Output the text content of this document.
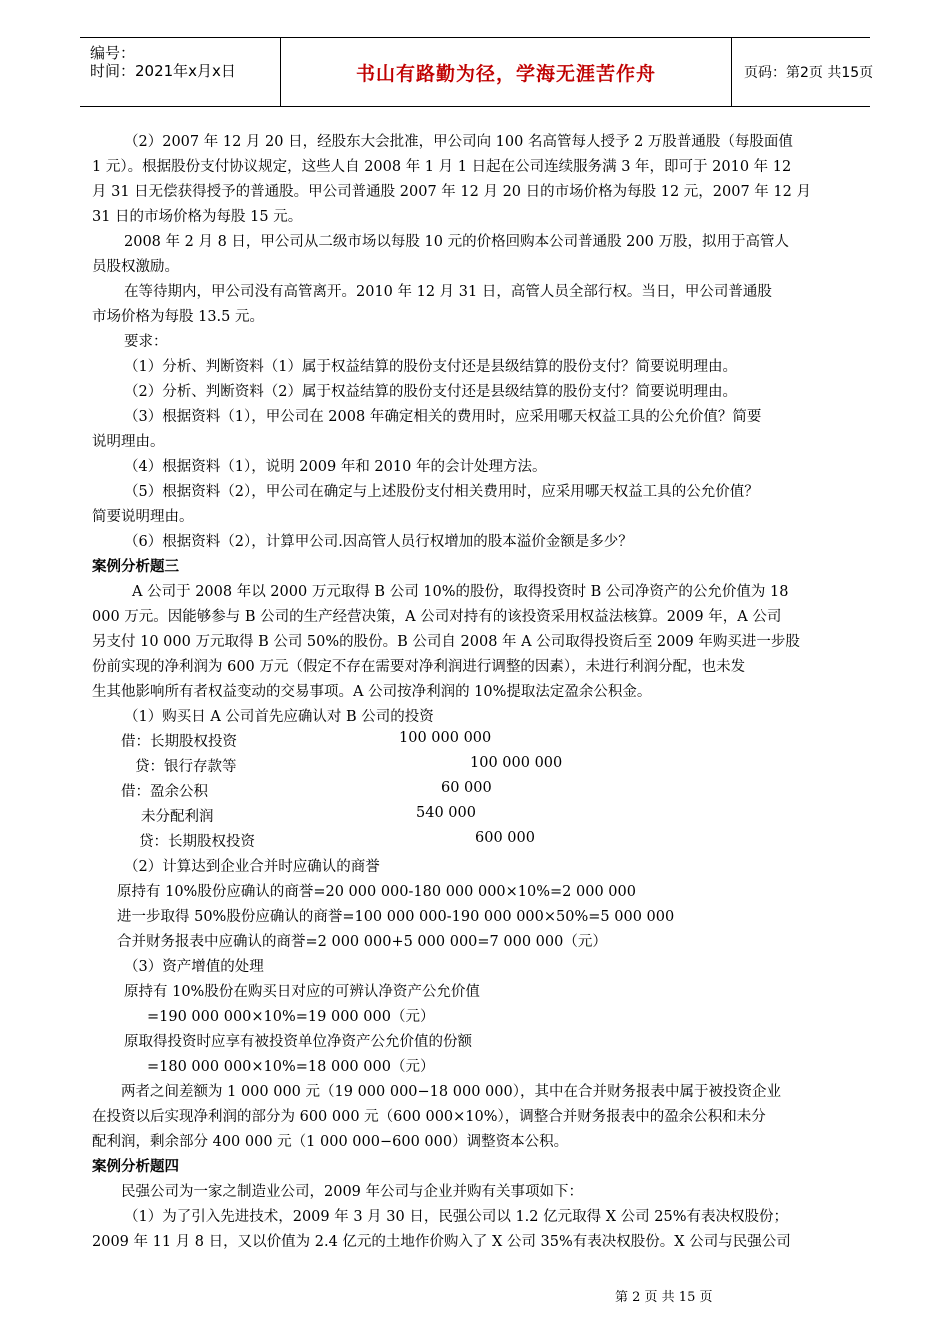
编号：
时间：2021年x月x日	书山有路勤为径，学海无涯苦作舟	页码：第2页 共15页
（2）2007 年 12 月 20 日，经股东大会批准，甲公司向 100 名高管每人授予 2 万股普通股（每股面值
1 元）。根据股份支付协议规定，这些人自 2008 年 1 月 1 日起在公司连续服务满 3 年，即可于 2010 年 12
月 31 日无偿获得授予的普通股。甲公司普通股 2007 年 12 月 20 日的市场价格为每股 12 元，2007 年 12 月
31 日的市场价格为每股 15 元。
2008 年 2 月 8 日，甲公司从二级市场以每股 10 元的价格回购本公司普通股 200 万股，拟用于高管人
员股权激励。
在等待期内，甲公司没有高管离开。2010 年 12 月 31 日，高管人员全部行权。当日，甲公司普通股
市场价格为每股 13.5 元。
要求：
（1）分析、判断资料（1）属于权益结算的股份支付还是县级结算的股份支付？简要说明理由。
（2）分析、判断资料（2）属于权益结算的股份支付还是县级结算的股份支付？简要说明理由。
（3）根据资料（1），甲公司在 2008 年确定相关的费用时，应采用哪天权益工具的公允价值？简要
说明理由。
（4）根据资料（1），说明 2009 年和 2010 年的会计处理方法。
（5）根据资料（2），甲公司在确定与上述股份支付相关费用时，应采用哪天权益工具的公允价值？
简要说明理由。
（6）根据资料（2），计算甲公司.因高管人员行权增加的股本溢价金额是多少？
案例分析题三
A 公司于 2008 年以 2000 万元取得 B 公司 10%的股份，取得投资时 B 公司净资产的公允价值为 18
000 万元。因能够参与 B 公司的生产经营决策，A 公司对持有的该投资采用权益法核算。2009 年，A 公司
另支付 10 000 万元取得 B 公司 50%的股份。B 公司自 2008 年 A 公司取得投资后至 2009 年购买进一步股
份前实现的净利润为 600 万元（假定不存在需要对净利润进行调整的因素），未进行利润分配，也未发
生其他影响所有者权益变动的交易事项。A 公司按净利润的 10%提取法定盈余公积金。
（1）购买日 A 公司首先应确认对 B 公司的投资
借：长期股权投资	100 000 000
贷：银行存款等	100 000 000
借：盈余公积	60 000
未分配利润	540 000
贷：长期股权投资	600 000
（2）计算达到企业合并时应确认的商誉
原持有 10%股份应确认的商誉=20 000 000-180 000 000×10%=2 000 000
进一步取得 50%股份应确认的商誉=100 000 000-190 000 000×50%=5 000 000
合并财务报表中应确认的商誉=2 000 000+5 000 000=7 000 000（元）
（3）资产增值的处理
原持有 10%股份在购买日对应的可辨认净资产公允价值
=190 000 000×10%=19 000 000（元）
原取得投资时应享有被投资单位净资产公允价值的份额
=180 000 000×10%=18 000 000（元）
两者之间差额为 1 000 000 元（19 000 000−18 000 000），其中在合并财务报表中属于被投资企业
在投资以后实现净利润的部分为 600 000 元（600 000×10%），调整合并财务报表中的盈余公积和未分
配利润，剩余部分 400 000 元（1 000 000−600 000）调整资本公积。
案例分析题四
民强公司为一家之制造业公司，2009 年公司与企业并购有关事项如下：
（1）为了引入先进技术，2009 年 3 月 30 日，民强公司以 1.2 亿元取得 X 公司 25%有表决权股份；
2009 年 11 月 8 日，又以价值为 2.4 亿元的土地作价购入了 X 公司 35%有表决权股份。X 公司与民强公司
第 2 页 共 15 页
